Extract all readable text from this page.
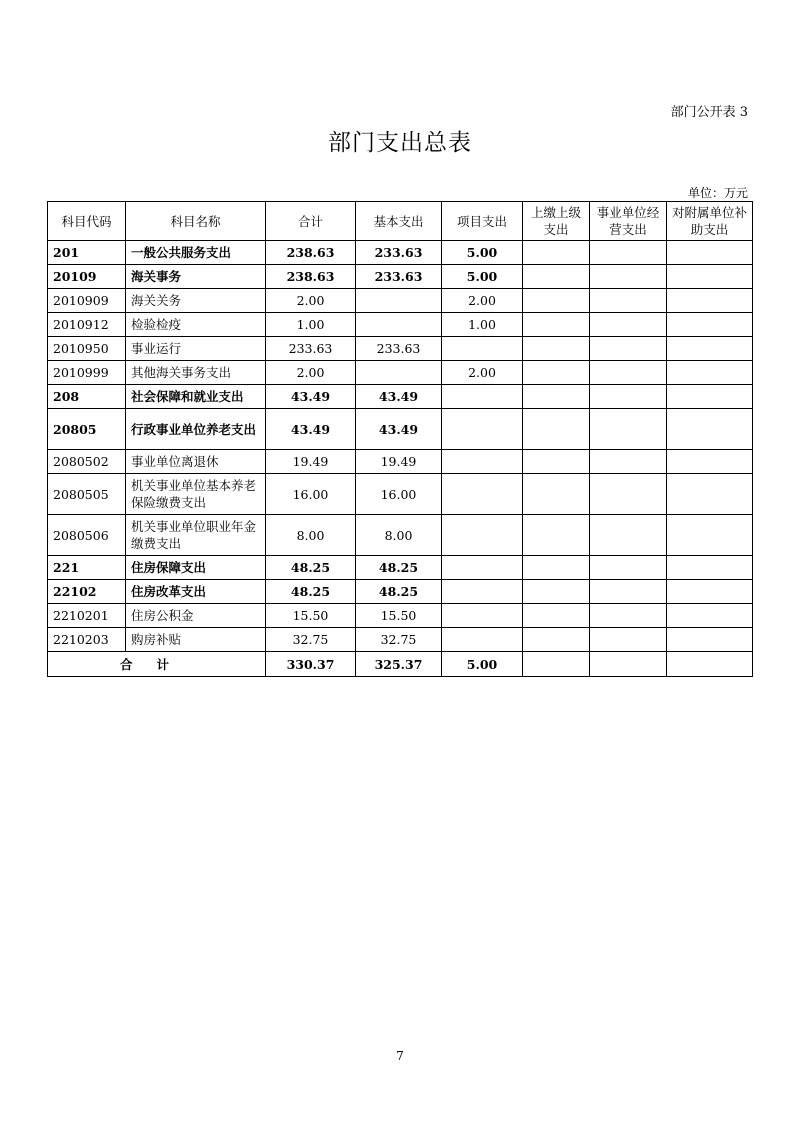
部门公开表 3
部门支出总表
单位：万元
科目代码	科目名称	合计	基本支出	项目支出	上缴上级支出	事业单位经营支出	对附属单位补助支出
201	一般公共服务支出	238.63	233.63	5.00			
20109	海关事务	238.63	233.63	5.00			
2010909	海关关务	2.00		2.00			
2010912	检验检疫	1.00		1.00			
2010950	事业运行	233.63	233.63				
2010999	其他海关事务支出	2.00		2.00			
208	社会保障和就业支出	43.49	43.49				
20805	行政事业单位养老支出	43.49	43.49				
2080502	事业单位离退休	19.49	19.49				
2080505	机关事业单位基本养老保险缴费支出	16.00	16.00				
2080506	机关事业单位职业年金缴费支出	8.00	8.00				
221	住房保障支出	48.25	48.25				
22102	住房改革支出	48.25	48.25				
2210201	住房公积金	15.50	15.50				
2210203	购房补贴	32.75	32.75				
合计		330.37	325.37	5.00			
7
